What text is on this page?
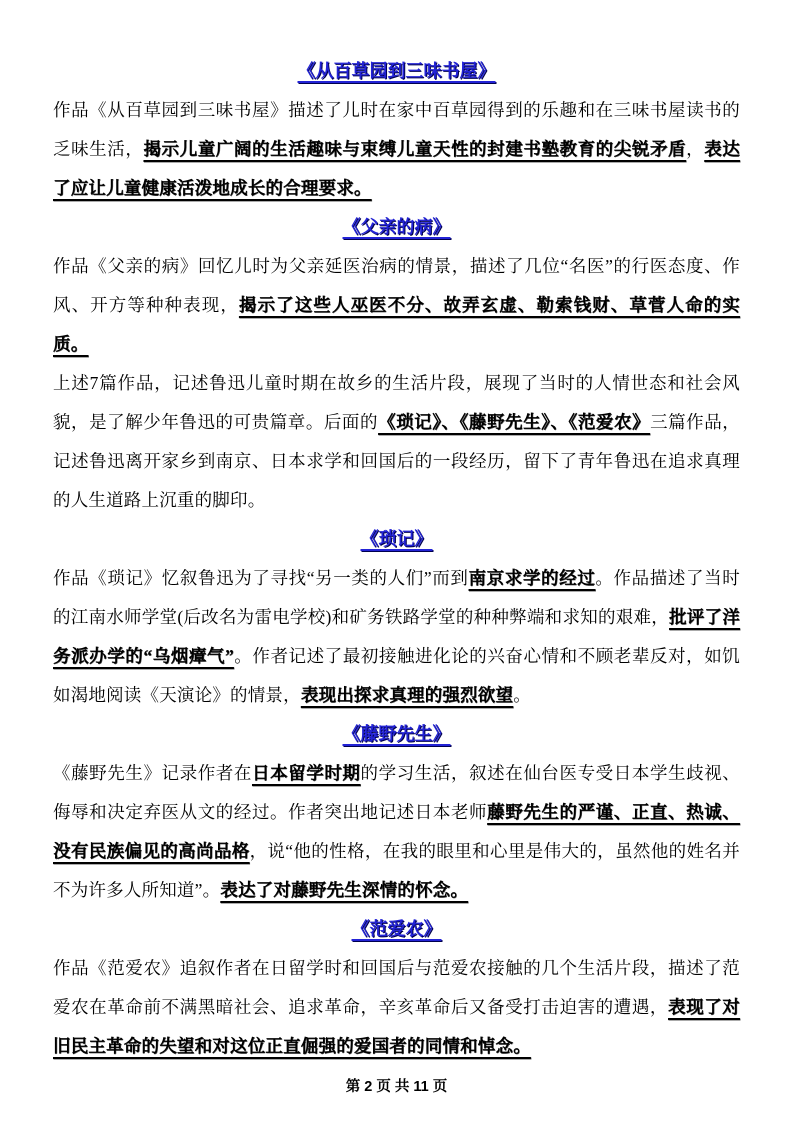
《从百草园到三味书屋》

作品《从百草园到三味书屋》描述了儿时在家中百草园得到的乐趣和在三味书屋读书的乏味生活，揭示儿童广阔的生活趣味与束缚儿童天性的封建书塾教育的尖锐矛盾，表达了应让儿童健康活泼地成长的合理要求。

《父亲的病》

作品《父亲的病》回忆儿时为父亲延医治病的情景，描述了几位“名医”的行医态度、作风、开方等种种表现，揭示了这些人巫医不分、故弄玄虚、勒索钱财、草菅人命的实质。

上述7篇作品，记述鲁迅儿童时期在故乡的生活片段，展现了当时的人情世态和社会风貌，是了解少年鲁迅的可贵篇章。后面的《琐记》、《藤野先生》、《范爱农》三篇作品，记述鲁迅离开家乡到南京、日本求学和回国后的一段经历，留下了青年鲁迅在追求真理的人生道路上沉重的脚印。

《琐记》

作品《琐记》忆叙鲁迅为了寻找“另一类的人们”而到南京求学的经过。作品描述了当时的江南水师学堂(后改名为雷电学校)和矿务铁路学堂的种种弊端和求知的艰难，批评了洋务派办学的“乌烟瘴气”。作者记述了最初接触进化论的兴奋心情和不顾老辈反对，如饥如渴地阅读《天演论》的情景，表现出探求真理的强烈欲望。

《藤野先生》

《藤野先生》记录作者在日本留学时期的学习生活，叙述在仙台医专受日本学生歧视、侮辱和决定弃医从文的经过。作者突出地记述日本老师藤野先生的严谨、正直、热诚、没有民族偏见的高尚品格，说“他的性格，在我的眼里和心里是伟大的，虽然他的姓名并不为许多人所知道”。表达了对藤野先生深情的怀念。

《范爱农》

作品《范爱农》追叙作者在日留学时和回国后与范爱农接触的几个生活片段，描述了范爱农在革命前不满黑暗社会、追求革命，辛亥革命后又备受打击迫害的遭遇，表现了对旧民主革命的失望和对这位正直倔强的爱国者的同情和悼念。

第 2 页 共 11 页
